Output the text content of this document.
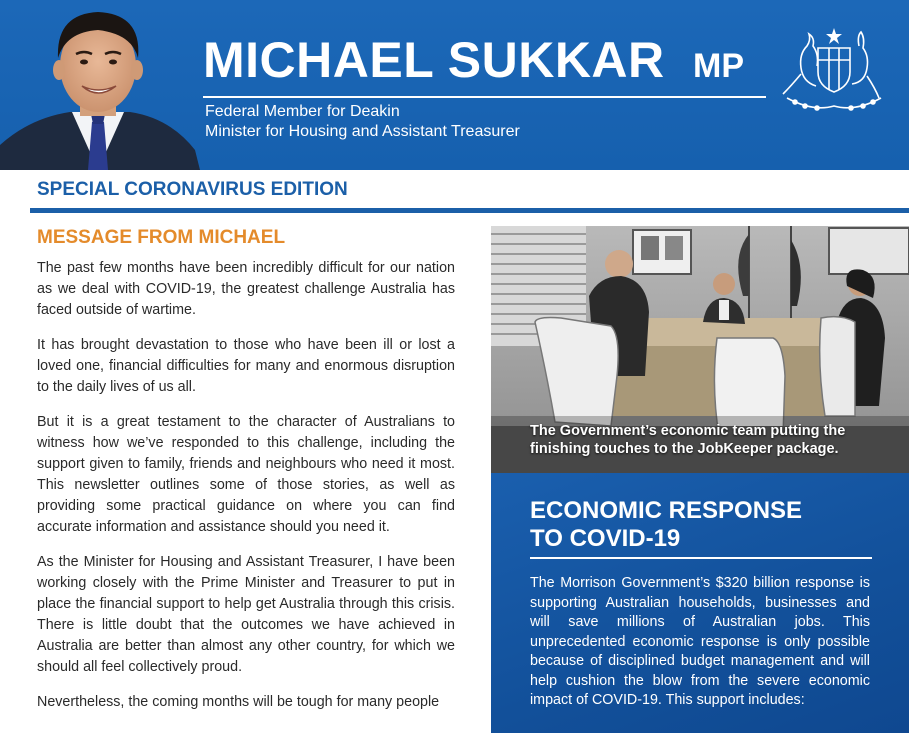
MICHAEL SUKKAR MP
Federal Member for Deakin
Minister for Housing and Assistant Treasurer
SPECIAL CORONAVIRUS EDITION
MESSAGE FROM MICHAEL

The past few months have been incredibly difficult for our nation as we deal with COVID-19, the greatest challenge Australia has faced outside of wartime.

It has brought devastation to those who have been ill or lost a loved one, financial difficulties for many and enormous disruption to the daily lives of us all.

But it is a great testament to the character of Australians to witness how we’ve responded to this challenge, including the support given to family, friends and neighbours who need it most. This newsletter outlines some of those stories, as well as providing some practical guidance on where you can find accurate information and assistance should you need it.

As the Minister for Housing and Assistant Treasurer, I have been working closely with the Prime Minister and Treasurer to put in place the financial support to help get Australia through this crisis. There is little doubt that the outcomes we have achieved in Australia are better than almost any other country, for which we should all feel collectively proud.

Nevertheless, the coming months will be tough for many people

The Government’s economic team putting the finishing touches to the JobKeeper package.
ECONOMIC RESPONSE
TO COVID-19
The Morrison Government’s $320 billion response is supporting Australian households, businesses and will save millions of Australian jobs. This unprecedented economic response is only possible because of disciplined budget management and will help cushion the blow from the severe economic impact of COVID-19. This support includes:
